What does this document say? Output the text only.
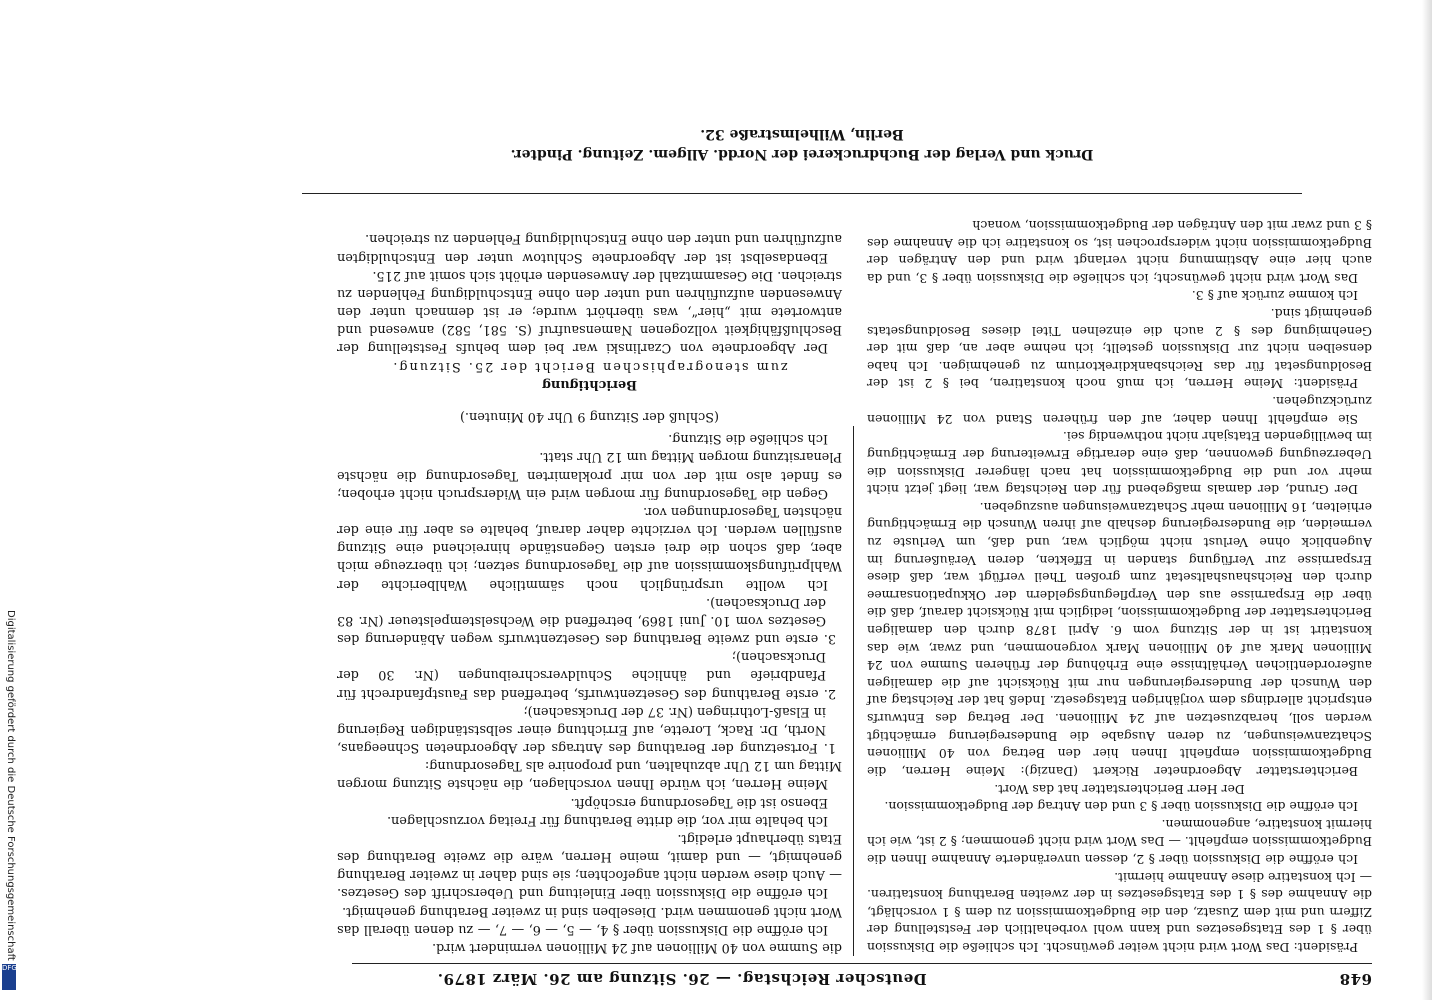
648
Deutscher Reichstag. — 26. Sitzung am 26. März 1879.

Präsident: Das Wort wird nicht weiter gewünscht. Ich schließe die Diskussion über § 1 des Etatsgesetzes und kann wohl vorbehaltlich der Feststellung der Ziffern und mit dem Zusatz, den die Budgetkommission zu dem § 1 vorschlägt, die Annahme des § 1 des Etatsgesetzes in der zweiten Berathung konstatiren. — Ich konstatire diese Annahme hiermit.

Ich eröffne die Diskussion über § 2, dessen unveränderte Annahme Ihnen die Budgetkommission empfiehlt. — Das Wort wird nicht genommen; § 2 ist, wie ich hiermit konstatire, angenommen.

Ich eröffne die Diskussion über § 3 und den Antrag der Budgetkommission.

Der Herr Berichterstatter hat das Wort.

Berichterstatter Abgeordneter Rickert (Danzig): Meine Herren, die Budgetkommission empfiehlt Ihnen hier den Betrag von 40 Millionen Schatzanweisungen, zu deren Ausgabe die Bundesregierung ermächtigt werden soll, herabzusetzen auf 24 Millionen. Der Betrag des Entwurfs entspricht allerdings dem vorjährigen Etatsgesetz. Indeß hat der Reichstag auf den Wunsch der Bundesregierungen nur mit Rücksicht auf die damaligen außerordentlichen Verhältnisse eine Erhöhung der früheren Summe von 24 Millionen Mark auf 40 Millionen Mark vorgenommen, und zwar, wie das konstatirt ist in der Sitzung vom 6. April 1878 durch den damaligen Berichterstatter der Budgetkommission, lediglich mit Rücksicht darauf, daß die über die Ersparnisse aus den Verpflegungsgeldern der Okkupationsarmee durch den Reichshaushaltsetat zum großen Theil verfügt war, daß diese Ersparnisse zur Verfügung standen in Effekten, deren Veräußerung im Augenblick ohne Verlust nicht möglich war, und daß, um Verluste zu vermeiden, die Bundesregierung deshalb auf ihren Wunsch die Ermächtigung erhielten, 16 Millionen mehr Schatzanweisungen auszugeben.

Der Grund, der damals maßgebend für den Reichstag war, liegt jetzt nicht mehr vor und die Budgetkommission hat nach längerer Diskussion die Ueberzeugung gewonnen, daß eine derartige Erweiterung der Ermächtigung im bewilligenden Etatsjahr nicht nothwendig sei.

Sie empfiehlt Ihnen daher, auf den früheren Stand von 24 Millionen zurückzugehen.

Präsident: Meine Herren, ich muß noch konstatiren, bei § 2 ist der Besoldungsetat für das Reichsbankdirektorium zu genehmigen. Ich habe denselben nicht zur Diskussion gestellt; ich nehme aber an, daß mit der Genehmigung des § 2 auch die einzelnen Titel dieses Besoldungsetats genehmigt sind.

Ich komme zurück auf § 3.

Das Wort wird nicht gewünscht; ich schließe die Diskussion über § 3, und da auch hier eine Abstimmung nicht verlangt wird und den Anträgen der Budgetkommission nicht widersprochen ist, so konstatire ich die Annahme des § 3 und zwar mit den Anträgen der Budgetkommission, wonach

die Summe von 40 Millionen auf 24 Millionen vermindert wird.

Ich eröffne die Diskussion über § 4, — 5, — 6, — 7, — zu denen überall das Wort nicht genommen wird. Dieselben sind in zweiter Berathung genehmigt.

Ich eröffne die Diskussion über Einleitung und Ueberschrift des Gesetzes. — Auch diese werden nicht angefochten; sie sind daher in zweiter Berathung genehmigt, — und damit, meine Herren, wäre die zweite Berathung des Etats überhaupt erledigt.

Ich behalte mir vor, die dritte Berathung für Freitag vorzuschlagen.

Ebenso ist die Tagesordnung erschöpft.

Meine Herren, ich würde Ihnen vorschlagen, die nächste Sitzung morgen Mittag um 12 Uhr abzuhalten, und proponire als Tagesordnung:

1. Fortsetzung der Berathung des Antrags der Abgeordneten Schneegans, North, Dr. Rack, Lorette, auf Errichtung einer selbstständigen Regierung in Elsaß-Lothringen (Nr. 37 der Drucksachen);

2. erste Berathung des Gesetzentwurfs, betreffend das Faustpfandrecht für Pfandbriefe und ähnliche Schuldverschreibungen (Nr. 30 der Drucksachen);

3. erste und zweite Berathung des Gesetzentwurfs wegen Abänderung des Gesetzes vom 10. Juni 1869, betreffend die Wechselstempelsteuer (Nr. 83 der Drucksachen).

Ich wollte ursprünglich noch sämmtliche Wahlberichte der Wahlprüfungskommission auf die Tagesordnung setzen; ich überzeuge mich aber, daß schon die drei ersten Gegenstände hinreichend eine Sitzung ausfüllen werden. Ich verzichte daher darauf, behalte es aber für eine der nächsten Tagesordnungen vor.

Gegen die Tagesordnung für morgen wird ein Widerspruch nicht erhoben; es findet also mit der von mir proklamirten Tagesordnung die nächste Plenarsitzung morgen Mittag um 12 Uhr statt.

Ich schließe die Sitzung.

(Schluß der Sitzung 9 Uhr 40 Minuten.)

Berichtigung

zum stenographischen Bericht der 25. Sitzung.

Der Abgeordnete von Czarlinski war bei dem behufs Feststellung der Beschlußfähigkeit vollzogenen Namensaufruf (S. 581, 582) anwesend und antwortete mit „hier“, was überhört wurde; er ist demnach unter den Anwesenden aufzuführen und unter den ohne Entschuldigung Fehlenden zu streichen. Die Gesammtzahl der Anwesenden erhöht sich somit auf 215.

Ebendaselbst ist der Abgeordnete Schlutow unter den Entschuldigten aufzuführen und unter den ohne Entschuldigung Fehlenden zu streichen.

Druck und Verlag der Buchdruckerei der Nordd. Allgem. Zeitung. Pindter.
Berlin, Wilhelmstraße 32.
Digitalisierung gefördert durch die Deutsche Forschungsgemeinschaft
DFG
